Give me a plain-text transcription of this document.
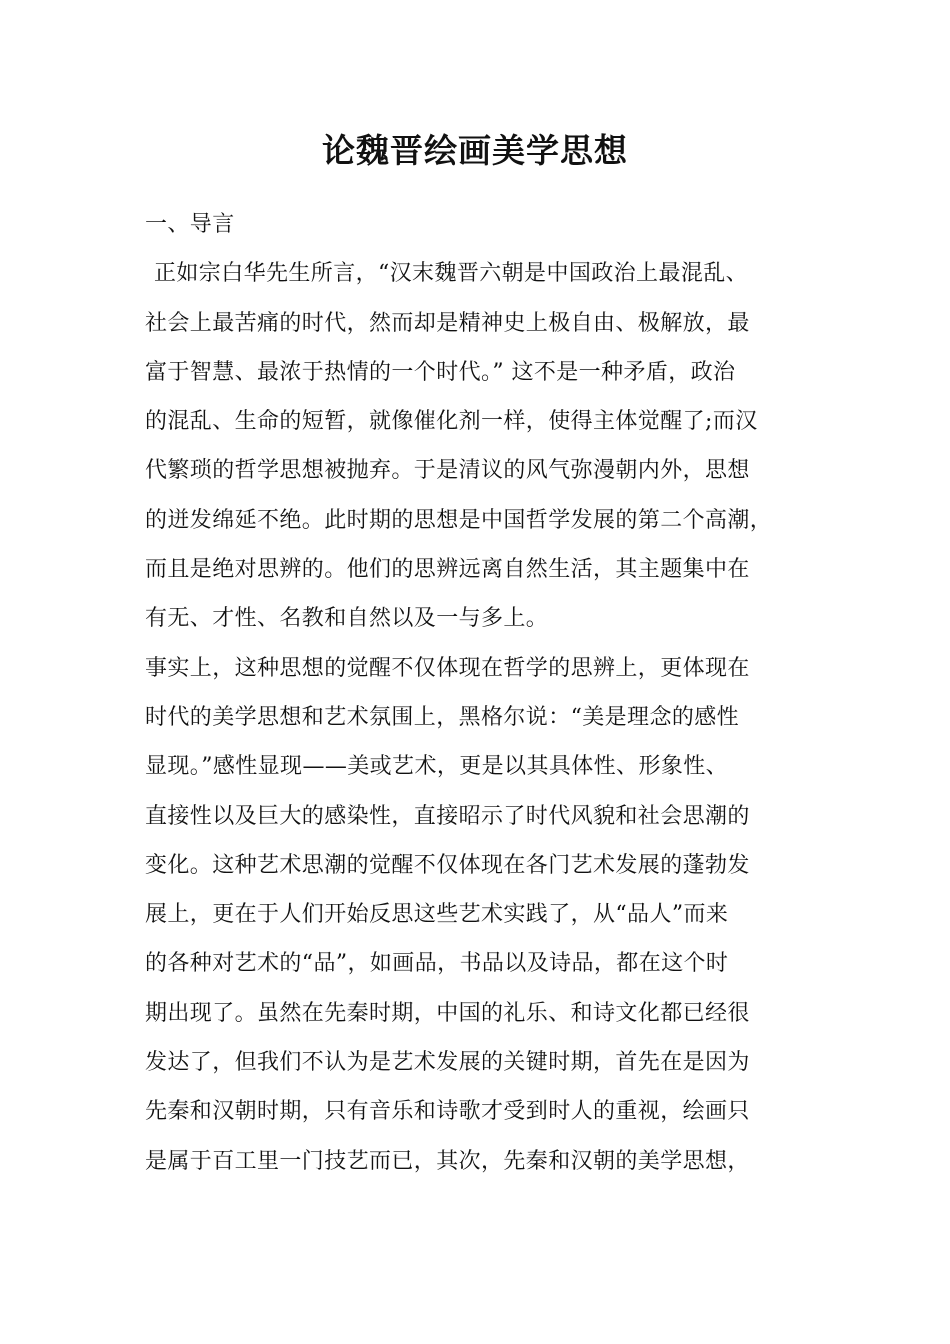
论魏晋绘画美学思想
一、导言
正如宗白华先生所言，“汉末魏晋六朝是中国政治上最混乱、
社会上最苦痛的时代，然而却是精神史上极自由、极解放，最
富于智慧、最浓于热情的一个时代。” 这不是一种矛盾，政治
的混乱、生命的短暂，就像催化剂一样，使得主体觉醒了;而汉
代繁琐的哲学思想被抛弃。于是清议的风气弥漫朝内外，思想
的迸发绵延不绝。此时期的思想是中国哲学发展的第二个高潮，
而且是绝对思辨的。他们的思辨远离自然生活，其主题集中在
有无、才性、名教和自然以及一与多上。
事实上，这种思想的觉醒不仅体现在哲学的思辨上，更体现在
时代的美学思想和艺术氛围上，黑格尔说：“美是理念的感性
显现。”感性显现——美或艺术，更是以其具体性、形象性、
直接性以及巨大的感染性，直接昭示了时代风貌和社会思潮的
变化。这种艺术思潮的觉醒不仅体现在各门艺术发展的蓬勃发
展上，更在于人们开始反思这些艺术实践了，从“品人”而来
的各种对艺术的“品”，如画品，书品以及诗品，都在这个时
期出现了。虽然在先秦时期，中国的礼乐、和诗文化都已经很
发达了，但我们不认为是艺术发展的关键时期，首先在是因为
先秦和汉朝时期，只有音乐和诗歌才受到时人的重视，绘画只
是属于百工里一门技艺而已，其次，先秦和汉朝的美学思想，
